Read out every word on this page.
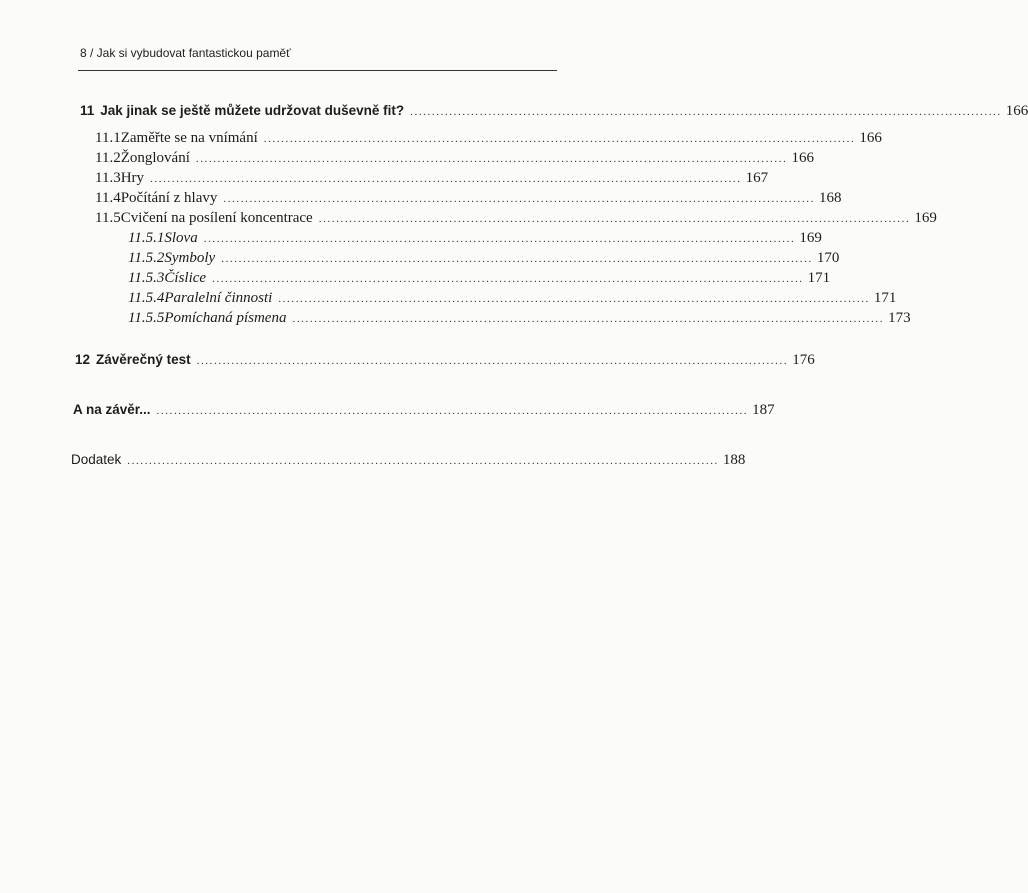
8 / Jak si vybudovat fantastickou paměť
11 Jak jinak se ještě můžete udržovat duševně fit? ........................................................................................................................................ 166
11.1 Zaměřte se na vnímání ........................................................................................................................................ 166
11.2 Žonglování ........................................................................................................................................ 166
11.3 Hry ........................................................................................................................................ 167
11.4 Počítání z hlavy ........................................................................................................................................ 168
11.5 Cvičení na posílení koncentrace ........................................................................................................................................ 169
11.5.1 Slova ........................................................................................................................................ 169
11.5.2 Symboly ........................................................................................................................................ 170
11.5.3 Číslice ........................................................................................................................................ 171
11.5.4 Paralelní činnosti ........................................................................................................................................ 171
11.5.5 Pomíchaná písmena ........................................................................................................................................ 173
12 Závěrečný test ........................................................................................................................................ 176
A na závěr... ........................................................................................................................................ 187
Dodatek ........................................................................................................................................ 188
